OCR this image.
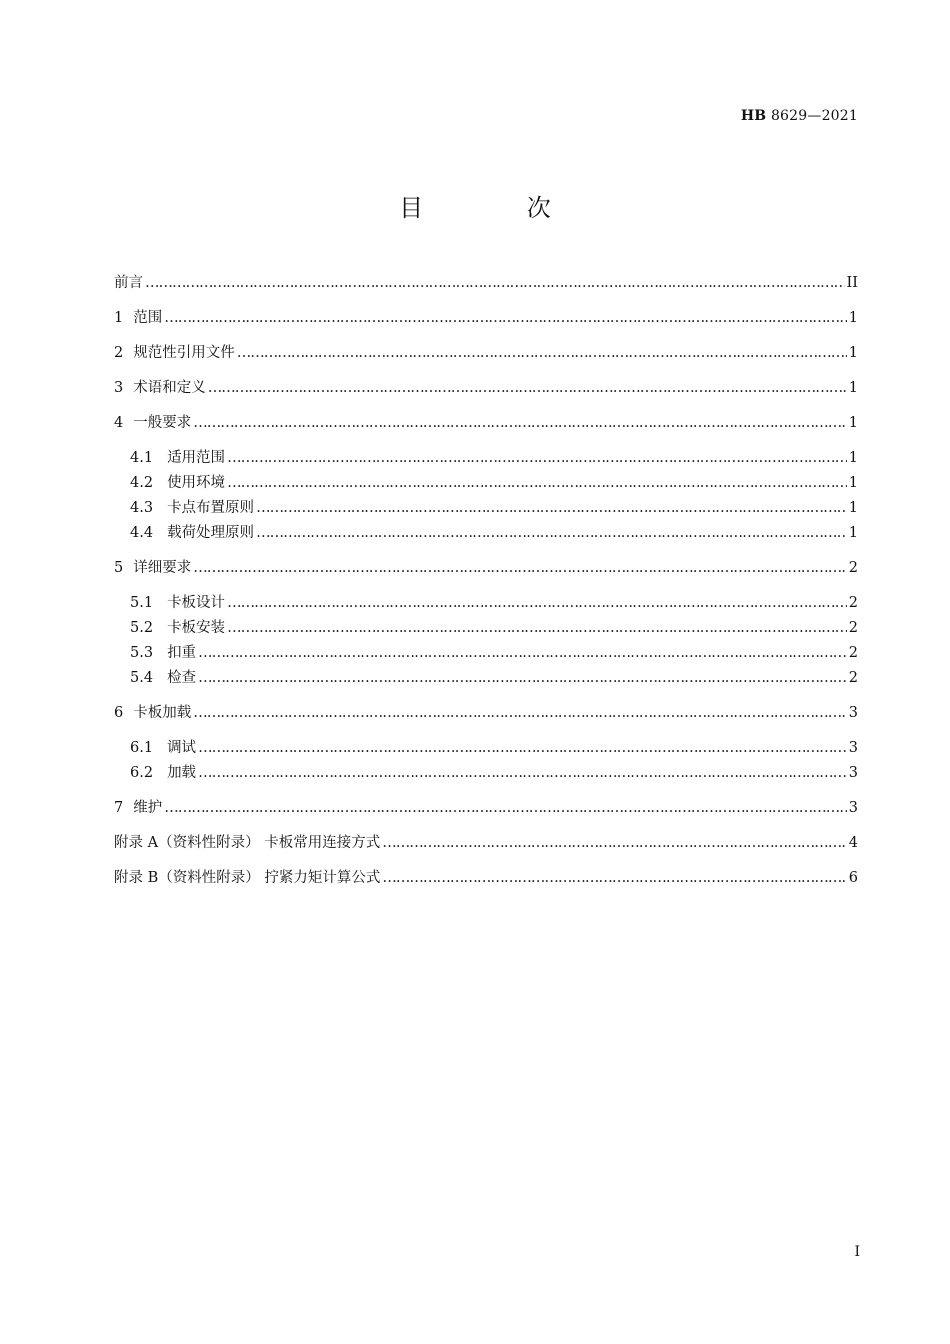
HB 8629—2021
目 次
前言 …………………………………………………………………………………………………………………………………………………………………………………………………………………………………………	II
1 范围 …………………………………………………………………………………………………………………………………………………………………………………………………………………………………………	1
2 规范性引用文件 …………………………………………………………………………………………………………………………………………………………………………………………………………………………………………	1
3 术语和定义 …………………………………………………………………………………………………………………………………………………………………………………………………………………………………………	1
4 一般要求 …………………………………………………………………………………………………………………………………………………………………………………………………………………………………………	1
4.1 适用范围 …………………………………………………………………………………………………………………………………………………………………………………………………………………………………………	1
4.2 使用环境 …………………………………………………………………………………………………………………………………………………………………………………………………………………………………………	1
4.3 卡点布置原则 …………………………………………………………………………………………………………………………………………………………………………………………………………………………………………	1
4.4 载荷处理原则 …………………………………………………………………………………………………………………………………………………………………………………………………………………………………………	1
5 详细要求 …………………………………………………………………………………………………………………………………………………………………………………………………………………………………………	2
5.1 卡板设计 …………………………………………………………………………………………………………………………………………………………………………………………………………………………………………	2
5.2 卡板安装 …………………………………………………………………………………………………………………………………………………………………………………………………………………………………………	2
5.3 扣重 …………………………………………………………………………………………………………………………………………………………………………………………………………………………………………	2
5.4 检查 …………………………………………………………………………………………………………………………………………………………………………………………………………………………………………	2
6 卡板加载 …………………………………………………………………………………………………………………………………………………………………………………………………………………………………………	3
6.1 调试 …………………………………………………………………………………………………………………………………………………………………………………………………………………………………………	3
6.2 加载 …………………………………………………………………………………………………………………………………………………………………………………………………………………………………………	3
7 维护 …………………………………………………………………………………………………………………………………………………………………………………………………………………………………………	3
附录 A（资料性附录） 卡板常用连接方式 …………………………………………………………………………………………………………………………………………………………………………………………………………………………………………	4
附录 B（资料性附录） 拧紧力矩计算公式 …………………………………………………………………………………………………………………………………………………………………………………………………………………………………………	6
I
